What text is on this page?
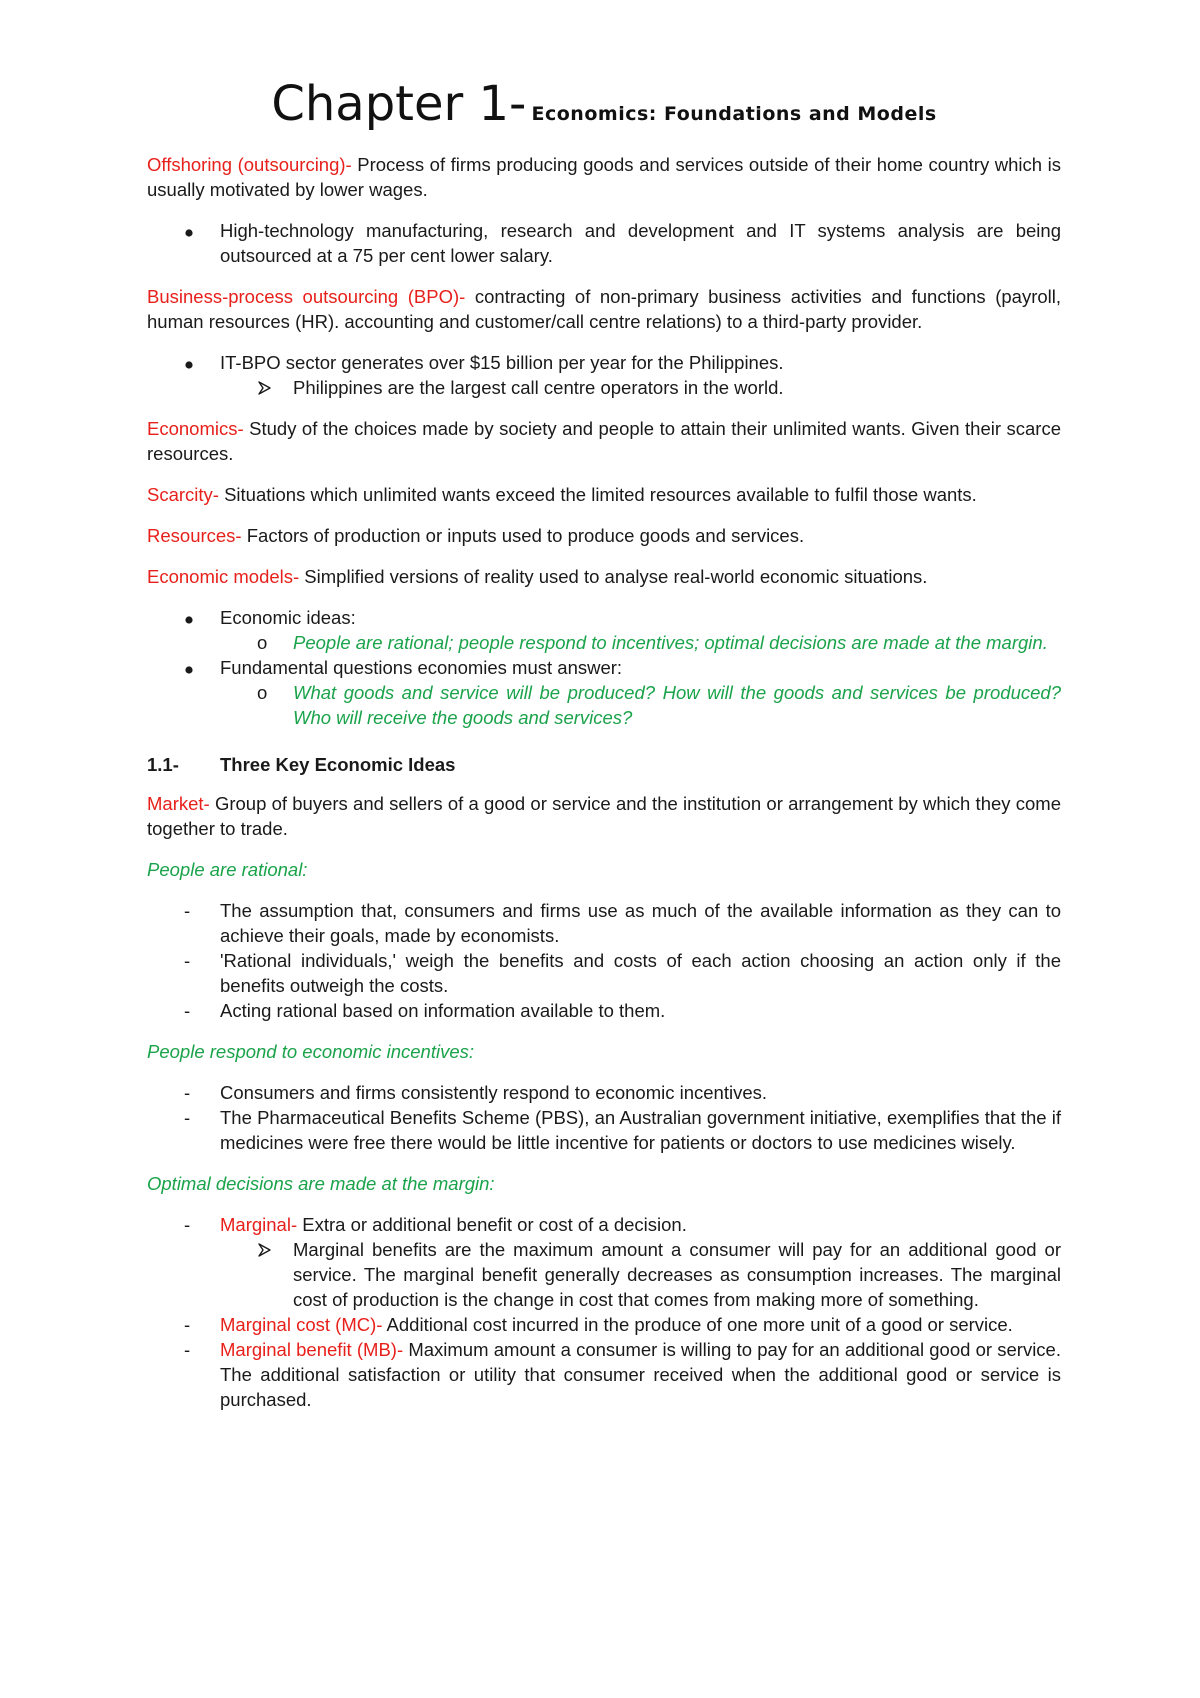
Chapter 1- Economics: Foundations and Models

Offshoring (outsourcing)- Process of firms producing goods and services outside of their home country which is usually motivated by lower wages.

High-technology manufacturing, research and development and IT systems analysis are being outsourced at a 75 per cent lower salary.

Business-process outsourcing (BPO)- contracting of non-primary business activities and functions (payroll, human resources (HR). accounting and customer/call centre relations) to a third-party provider.

IT-BPO sector generates over $15 billion per year for the Philippines.
Philippines are the largest call centre operators in the world.

Economics- Study of the choices made by society and people to attain their unlimited wants. Given their scarce resources.

Scarcity- Situations which unlimited wants exceed the limited resources available to fulfil those wants.

Resources- Factors of production or inputs used to produce goods and services.

Economic models- Simplified versions of reality used to analyse real-world economic situations.

Economic ideas:
o	People are rational; people respond to incentives; optimal decisions are made at the margin.
Fundamental questions economies must answer:
o	What goods and service will be produced? How will the goods and services be produced? Who will receive the goods and services?
1.1- Three Key Economic Ideas

Market- Group of buyers and sellers of a good or service and the institution or arrangement by which they come together to trade.

People are rational:

-	The assumption that, consumers and firms use as much of the available information as they can to achieve their goals, made by economists.
-	'Rational individuals,' weigh the benefits and costs of each action choosing an action only if the benefits outweigh the costs.
-	Acting rational based on information available to them.

People respond to economic incentives:

-	Consumers and firms consistently respond to economic incentives.
-	The Pharmaceutical Benefits Scheme (PBS), an Australian government initiative, exemplifies that the if medicines were free there would be little incentive for patients or doctors to use medicines wisely.

Optimal decisions are made at the margin:

-	Marginal- Extra or additional benefit or cost of a decision.
Marginal benefits are the maximum amount a consumer will pay for an additional good or service. The marginal benefit generally decreases as consumption increases. The marginal cost of production is the change in cost that comes from making more of something.
-	Marginal cost (MC)- Additional cost incurred in the produce of one more unit of a good or service.
-	Marginal benefit (MB)- Maximum amount a consumer is willing to pay for an additional good or service. The additional satisfaction or utility that consumer received when the additional good or service is purchased.
